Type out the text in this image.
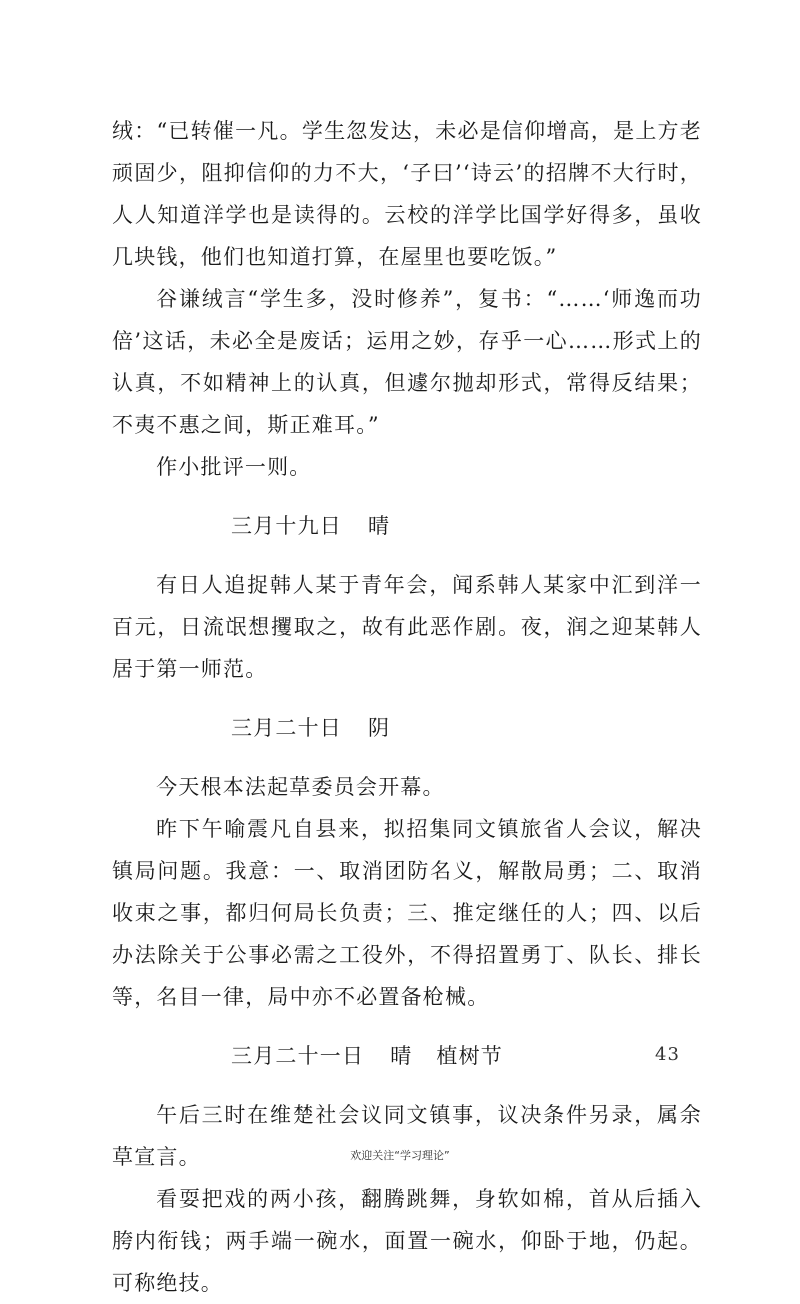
绒：“已转催一凡。学生忽发达，未必是信仰增高，是上方老顽固少，阻抑信仰的力不大，‘子曰’‘诗云’的招牌不大行时，人人知道洋学也是读得的。云校的洋学比国学好得多，虽收几块钱，他们也知道打算，在屋里也要吃饭。”

谷谦绒言“学生多，没时修养”，复书：“……‘师逸而功倍’这话，未必全是废话；运用之妙，存乎一心……形式上的认真，不如精神上的认真，但遽尔抛却形式，常得反结果；不夷不惠之间，斯正难耳。”

作小批评一则。

三月十九日 晴

有日人追捉韩人某于青年会，闻系韩人某家中汇到洋一百元，日流氓想攫取之，故有此恶作剧。夜，润之迎某韩人居于第一师范。

三月二十日 阴

今天根本法起草委员会开幕。

昨下午喻震凡自县来，拟招集同文镇旅省人会议，解决镇局问题。我意：一、取消团防名义，解散局勇；二、取消收束之事，都归何局长负责；三、推定继任的人；四、以后办法除关于公事必需之工役外，不得招置勇丁、队长、排长等，名目一律，局中亦不必置备枪械。

三月二十一日 晴 植树节

午后三时在维楚社会议同文镇事，议决条件另录，属余草宣言。

看耍把戏的两小孩，翻腾跳舞，身软如棉，首从后插入胯内衔钱；两手端一碗水，面置一碗水，仰卧于地，仍起。可称绝技。

43
欢迎关注“学习理论”
